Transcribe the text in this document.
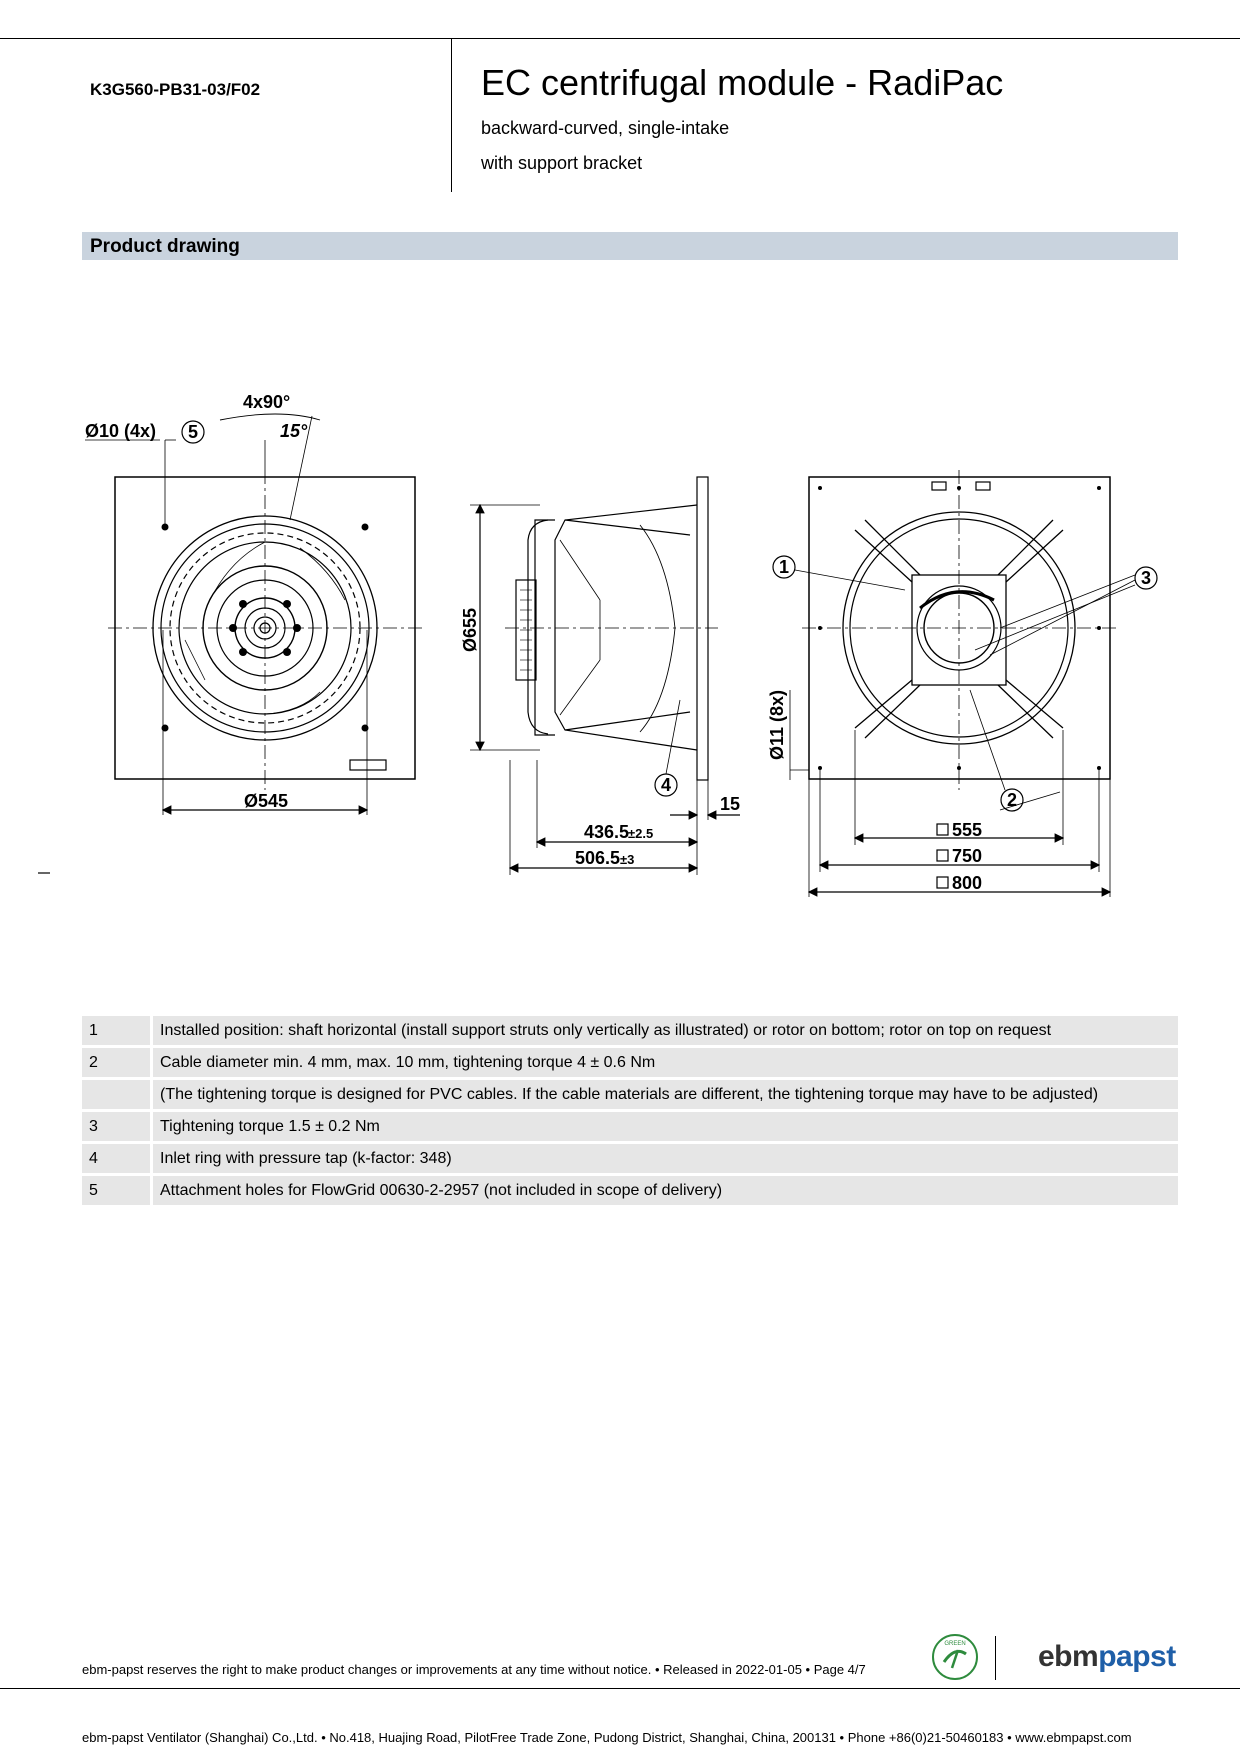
K3G560-PB31-03/F02	EC centrifugal module - RadiPac
backward-curved, single-intake
with support bracket
Product drawing
4x90°
Ø10 (4x)	15°
Ø545
Ø655
436.5
±2.5
506.5 ±3
15
Ø11 (8x)
555
750
800
1
2
3
4
5
1	Installed position: shaft horizontal (install support struts only vertically as illustrated) or rotor on bottom; rotor on top on request
2	Cable diameter min. 4 mm, max. 10 mm, tightening torque 4 ± 0.6 Nm
	(The tightening torque is designed for PVC cables. If the cable materials are different, the tightening torque may have to be adjusted)
3	Tightening torque 1.5 ± 0.2 Nm
4	Inlet ring with pressure tap (k-factor: 348)
5	Attachment holes for FlowGrid 00630-2-2957 (not included in scope of delivery)
ebm-papst reserves the right to make product changes or improvements at any time without notice. • Released in 2022-01-05 • Page 4/7
GREEN ebmpapst
ebm-papst Ventilator (Shanghai) Co.,Ltd. • No.418, Huajing Road, PilotFree Trade Zone, Pudong District, Shanghai, China, 200131 • Phone +86(0)21-50460183 • www.ebmpapst.com
